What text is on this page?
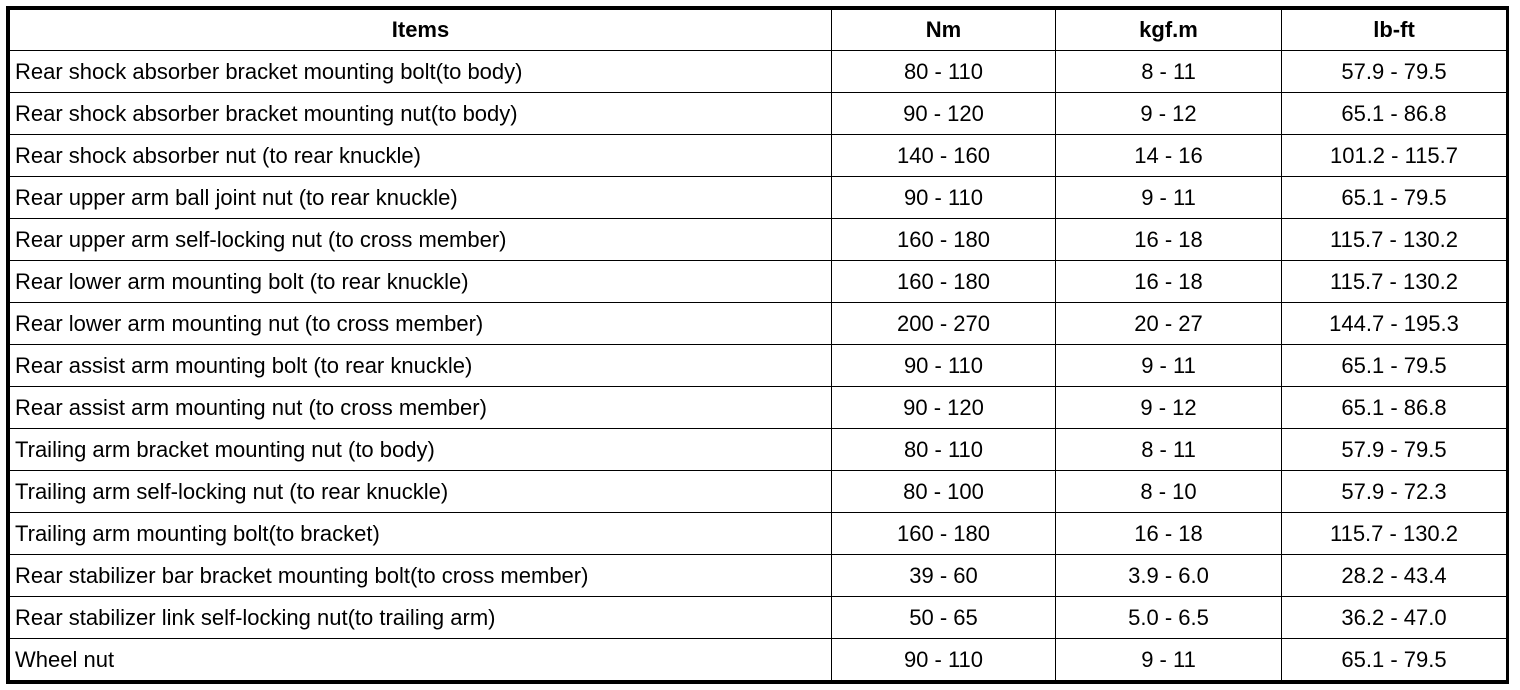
Items	Nm	kgf.m	lb-ft
Rear shock absorber bracket mounting bolt(to body)	80 - 110	8 - 11	57.9 - 79.5
Rear shock absorber bracket mounting nut(to body)	90 - 120	9 - 12	65.1 - 86.8
Rear shock absorber nut (to rear knuckle)	140 - 160	14 - 16	101.2 - 115.7
Rear upper arm ball joint nut (to rear knuckle)	90 - 110	9 - 11	65.1 - 79.5
Rear upper arm self-locking nut (to cross member)	160 - 180	16 - 18	115.7 - 130.2
Rear lower arm mounting bolt (to rear knuckle)	160 - 180	16 - 18	115.7 - 130.2
Rear lower arm mounting nut (to cross member)	200 - 270	20 - 27	144.7 - 195.3
Rear assist arm mounting bolt (to rear knuckle)	90 - 110	9 - 11	65.1 - 79.5
Rear assist arm mounting nut (to cross member)	90 - 120	9 - 12	65.1 - 86.8
Trailing arm bracket mounting nut (to body)	80 - 110	8 - 11	57.9 - 79.5
Trailing arm self-locking nut (to rear knuckle)	80 - 100	8 - 10	57.9 - 72.3
Trailing arm mounting bolt(to bracket)	160 - 180	16 - 18	115.7 - 130.2
Rear stabilizer bar bracket mounting bolt(to cross member)	39 - 60	3.9 - 6.0	28.2 - 43.4
Rear stabilizer link self-locking nut(to trailing arm)	50 - 65	5.0 - 6.5	36.2 - 47.0
Wheel nut	90 - 110	9 - 11	65.1 - 79.5
